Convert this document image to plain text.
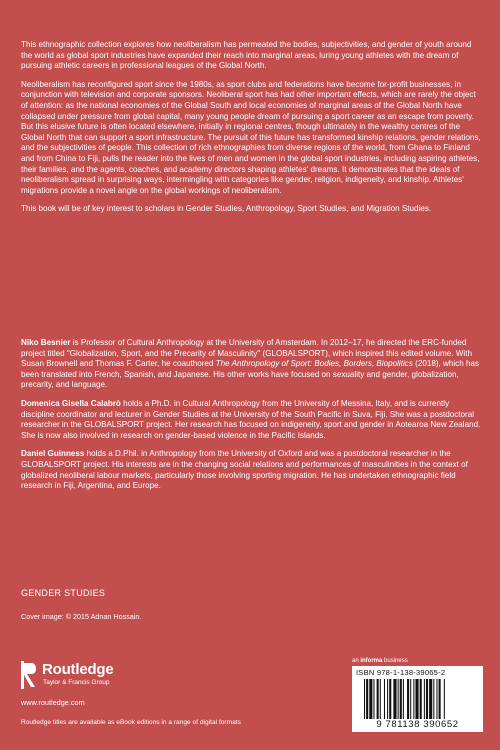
This ethnographic collection explores how neoliberalism has permeated the bodies, subjectivities, and gender of youth around the world as global sport industries have expanded their reach into marginal areas, luring young athletes with the dream of pursuing athletic careers in professional leagues of the Global North.

Neoliberalism has reconfigured sport since the 1980s, as sport clubs and federations have become for-profit businesses, in conjunction with television and corporate sponsors. Neoliberal sport has had other important effects, which are rarely the object of attention: as the national economies of the Global South and local economies of marginal areas of the Global North have collapsed under pressure from global capital, many young people dream of pursuing a sport career as an escape from poverty. But this elusive future is often located elsewhere, initially in regional centres, though ultimately in the wealthy centres of the Global North that can support a sport infrastructure. The pursuit of this future has transformed kinship relations, gender relations, and the subjectivities of people. This collection of rich ethnographies from diverse regions of the world, from Ghana to Finland and from China to Fiji, pulls the reader into the lives of men and women in the global sport industries, including aspiring athletes, their families, and the agents, coaches, and academy directors shaping athletes' dreams. It demonstrates that the ideals of neoliberalism spread in surprising ways, intermingling with categories like gender, religion, indigeneity, and kinship. Athletes' migrations provide a novel angle on the global workings of neoliberalism.

This book will be of key interest to scholars in Gender Studies, Anthropology, Sport Studies, and Migration Studies.

Niko Besnier is Professor of Cultural Anthropology at the University of Amsterdam. In 2012–17, he directed the ERC-funded project titled "Globalization, Sport, and the Precarity of Masculinity" (GLOBALSPORT), which inspired this edited volume. With Susan Brownell and Thomas F. Carter, he coauthored The Anthropology of Sport: Bodies, Borders, Biopolitics (2018), which has been translated into French, Spanish, and Japanese. His other works have focused on sexuality and gender, globalization, precarity, and language.

Domenica Gisella Calabrò holds a Ph.D. in Cultural Anthropology from the University of Messina, Italy, and is currently discipline coordinator and lecturer in Gender Studies at the University of the South Pacific in Suva, Fiji. She was a postdoctoral researcher in the GLOBALSPORT project. Her research has focused on indigeneity, sport and gender in Aotearoa New Zealand. She is now also involved in research on gender-based violence in the Pacific Islands.

Daniel Guinness holds a D.Phil. in Anthropology from the University of Oxford and was a postdoctoral researcher in the GLOBALSPORT project. His interests are in the changing social relations and performances of masculinities in the context of globalized neoliberal labour markets, particularly those involving sporting migration. He has undertaken ethnographic field research in Fiji, Argentina, and Europe.

GENDER STUDIES
Cover image: © 2015 Adnan Hossain.
Routledge
Taylor & Francis Group
www.routledge.com
Routledge titles are available as eBook editions in a range of digital formats
an informa business
ISBN 978-1-138-39065-2
9 781138 390652
